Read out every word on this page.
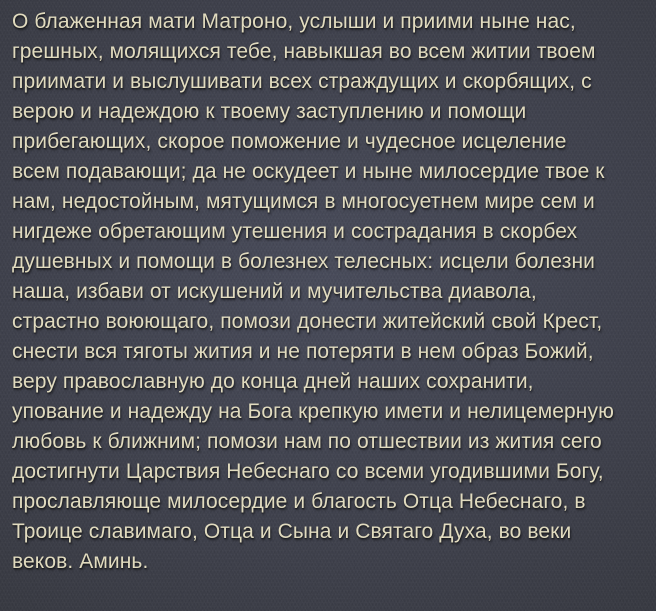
О блаженная мати Матроно, услыши и приими ныне нас,
грешных, молящихся тебе, навыкшая во всем житии твоем
приимати и выслушивати всех страждущих и скорбящих, с
верою и надеждою к твоему заступлению и помощи
прибегающих, скорое поможение и чудесное исцеление
всем подавающи; да не оскудеет и ныне милосердие твое к
нам, недостойным, мятущимся в многосуетнем мире сем и
нигдеже обретающим утешения и сострадания в скорбех
душевных и помощи в болезнех телесных: исцели болезни
наша, избави от искушений и мучительства диавола,
страстно воюющаго, помози донести житейский свой Крест,
снести вся тяготы жития и не потеряти в нем образ Божий,
веру православную до конца дней наших сохранити,
упование и надежду на Бога крепкую имети и нелицемерную
любовь к ближним; помози нам по отшествии из жития сего
достигнути Царствия Небеснаго со всеми угодившими Богу,
прославляюще милосердие и благость Отца Небеснаго, в
Троице славимаго, Отца и Сына и Святаго Духа, во веки
веков. Аминь.
